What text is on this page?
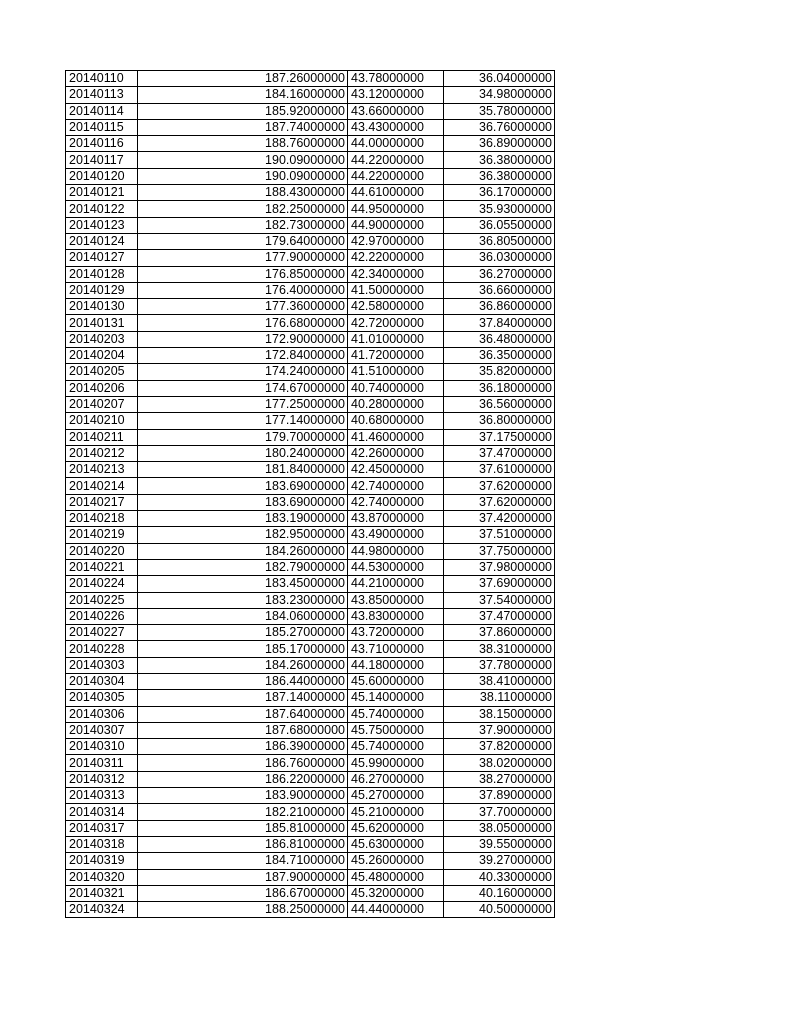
20140110	187.26000000	43.78000000	36.04000000
20140113	184.16000000	43.12000000	34.98000000
20140114	185.92000000	43.66000000	35.78000000
20140115	187.74000000	43.43000000	36.76000000
20140116	188.76000000	44.00000000	36.89000000
20140117	190.09000000	44.22000000	36.38000000
20140120	190.09000000	44.22000000	36.38000000
20140121	188.43000000	44.61000000	36.17000000
20140122	182.25000000	44.95000000	35.93000000
20140123	182.73000000	44.90000000	36.05500000
20140124	179.64000000	42.97000000	36.80500000
20140127	177.90000000	42.22000000	36.03000000
20140128	176.85000000	42.34000000	36.27000000
20140129	176.40000000	41.50000000	36.66000000
20140130	177.36000000	42.58000000	36.86000000
20140131	176.68000000	42.72000000	37.84000000
20140203	172.90000000	41.01000000	36.48000000
20140204	172.84000000	41.72000000	36.35000000
20140205	174.24000000	41.51000000	35.82000000
20140206	174.67000000	40.74000000	36.18000000
20140207	177.25000000	40.28000000	36.56000000
20140210	177.14000000	40.68000000	36.80000000
20140211	179.70000000	41.46000000	37.17500000
20140212	180.24000000	42.26000000	37.47000000
20140213	181.84000000	42.45000000	37.61000000
20140214	183.69000000	42.74000000	37.62000000
20140217	183.69000000	42.74000000	37.62000000
20140218	183.19000000	43.87000000	37.42000000
20140219	182.95000000	43.49000000	37.51000000
20140220	184.26000000	44.98000000	37.75000000
20140221	182.79000000	44.53000000	37.98000000
20140224	183.45000000	44.21000000	37.69000000
20140225	183.23000000	43.85000000	37.54000000
20140226	184.06000000	43.83000000	37.47000000
20140227	185.27000000	43.72000000	37.86000000
20140228	185.17000000	43.71000000	38.31000000
20140303	184.26000000	44.18000000	37.78000000
20140304	186.44000000	45.60000000	38.41000000
20140305	187.14000000	45.14000000	38.11000000
20140306	187.64000000	45.74000000	38.15000000
20140307	187.68000000	45.75000000	37.90000000
20140310	186.39000000	45.74000000	37.82000000
20140311	186.76000000	45.99000000	38.02000000
20140312	186.22000000	46.27000000	38.27000000
20140313	183.90000000	45.27000000	37.89000000
20140314	182.21000000	45.21000000	37.70000000
20140317	185.81000000	45.62000000	38.05000000
20140318	186.81000000	45.63000000	39.55000000
20140319	184.71000000	45.26000000	39.27000000
20140320	187.90000000	45.48000000	40.33000000
20140321	186.67000000	45.32000000	40.16000000
20140324	188.25000000	44.44000000	40.50000000
